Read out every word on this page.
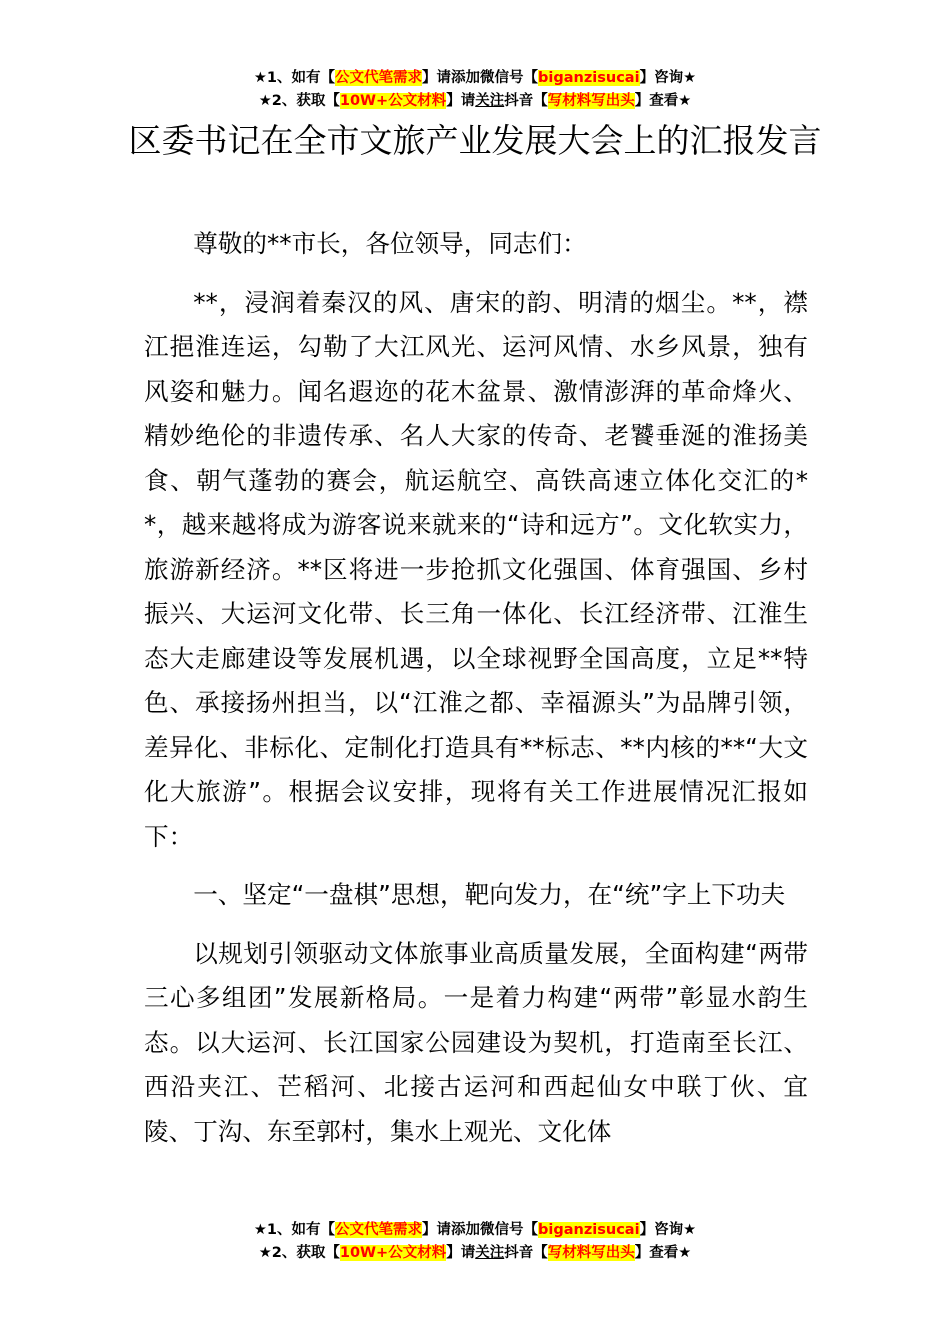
★1、如有【公文代笔需求】请添加微信号【biganzisucai】咨询★
★2、获取【10W+公文材料】请关注抖音【写材料写出头】查看★
区委书记在全市文旅产业发展大会上的汇报发言

尊敬的**市长，各位领导，同志们：

**，浸润着秦汉的风、唐宋的韵、明清的烟尘。**，襟江挹淮连运，勾勒了大江风光、运河风情、水乡风景，独有风姿和魅力。闻名遐迩的花木盆景、激情澎湃的革命烽火、精妙绝伦的非遗传承、名人大家的传奇、老饕垂涎的淮扬美食、朝气蓬勃的赛会，航运航空、高铁高速立体化交汇的**，越来越将成为游客说来就来的“诗和远方”。文化软实力，旅游新经济。**区将进一步抢抓文化强国、体育强国、乡村振兴、大运河文化带、长三角一体化、长江经济带、江淮生态大走廊建设等发展机遇，以全球视野全国高度，立足**特色、承接扬州担当，以“江淮之都、幸福源头”为品牌引领，差异化、非标化、定制化打造具有**标志、**内核的**“大文化大旅游”。根据会议安排，现将有关工作进展情况汇报如下：

一、坚定“一盘棋”思想，靶向发力，在“统”字上下功夫

以规划引领驱动文体旅事业高质量发展，全面构建“两带三心多组团”发展新格局。一是着力构建“两带”彰显水韵生态。以大运河、长江国家公园建设为契机，打造南至长江、西沿夹江、芒稻河、北接古运河和西起仙女中联丁伙、宜陵、丁沟、东至郭村，集水上观光、文化体

★1、如有【公文代笔需求】请添加微信号【biganzisucai】咨询★
★2、获取【10W+公文材料】请关注抖音【写材料写出头】查看★
